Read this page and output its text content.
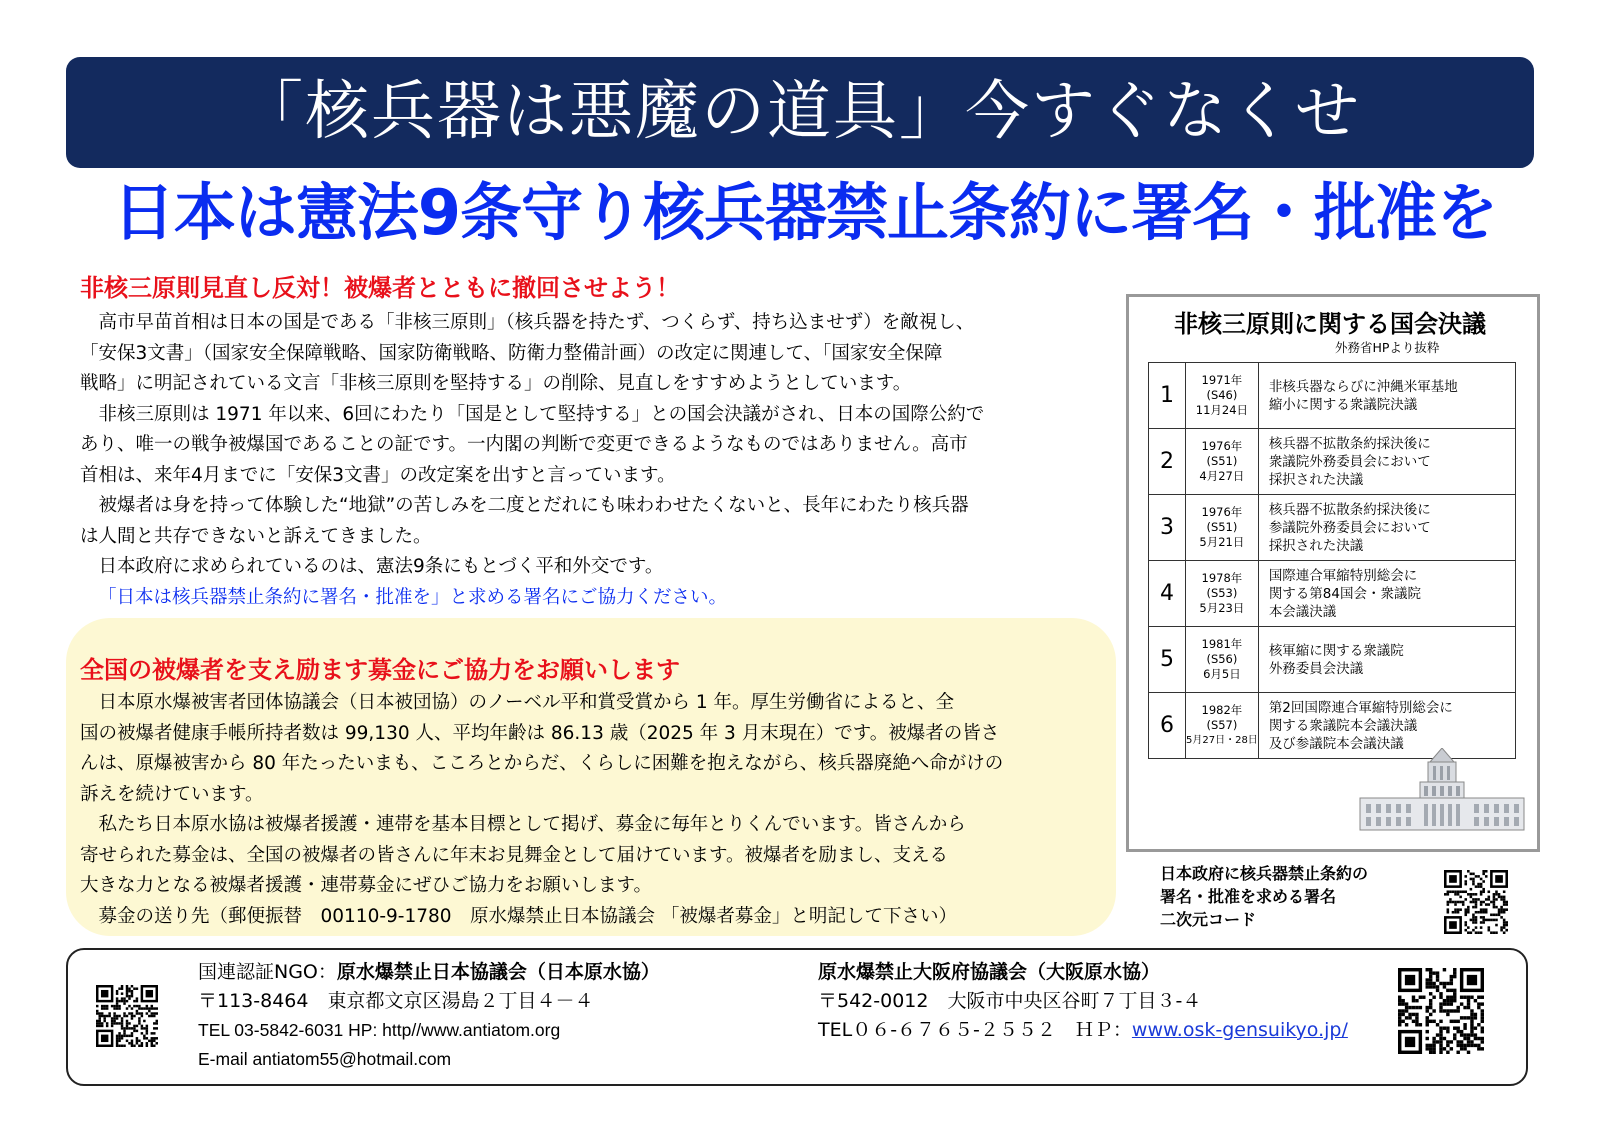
「核兵器は悪魔の道具」今すぐなくせ
日本は憲法9条守り核兵器禁止条約に署名・批准を
非核三原則見直し反対！被爆者とともに撤回させよう！

　高市早苗首相は日本の国是である「非核三原則」（核兵器を持たず、つくらず、持ち込ませず）を敵視し、

「安保3文書」（国家安全保障戦略、国家防衛戦略、防衛力整備計画）の改定に関連して、「国家安全保障

戦略」に明記されている文言「非核三原則を堅持する」の削除、見直しをすすめようとしています。

　非核三原則は 1971 年以来、6回にわたり「国是として堅持する」との国会決議がされ、日本の国際公約で

あり、唯一の戦争被爆国であることの証です。一内閣の判断で変更できるようなものではありません。高市

首相は、来年4月までに「安保3文書」の改定案を出すと言っています。

　被爆者は身を持って体験した“地獄”の苦しみを二度とだれにも味わわせたくないと、長年にわたり核兵器

は人間と共存できないと訴えてきました。

　日本政府に求められているのは、憲法9条にもとづく平和外交です。

「日本は核兵器禁止条約に署名・批准を」と求める署名にご協力ください。

全国の被爆者を支え励ます募金にご協力をお願いします

　日本原水爆被害者団体協議会（日本被団協）のノーベル平和賞受賞から 1 年。厚生労働省によると、全

国の被爆者健康手帳所持者数は 99,130 人、平均年齢は 86.13 歳（2025 年 3 月末現在）です。被爆者の皆さ

んは、原爆被害から 80 年たったいまも、こころとからだ、くらしに困難を抱えながら、核兵器廃絶へ命がけの

訴えを続けています。

　私たち日本原水協は被爆者援護・連帯を基本目標として掲げ、募金に毎年とりくんでいます。皆さんから

寄せられた募金は、全国の被爆者の皆さんに年末お見舞金として届けています。被爆者を励まし、支える

大きな力となる被爆者援護・連帯募金にぜひご協力をお願いします。

　募金の送り先（郵便振替　00110-9-1780　原水爆禁止日本協議会 「被爆者募金」と明記して下さい）

非核三原則に関する国会決議
外務省HPより抜粋
1	1971年
(S46)
11月24日	非核兵器ならびに沖縄米軍基地
縮小に関する衆議院決議

2	1976年
(S51)
4月27日	核兵器不拡散条約採決後に
衆議院外務委員会において
採択された決議

3	1976年
(S51)
5月21日	核兵器不拡散条約採決後に
参議院外務委員会において
採択された決議

4	1978年
(S53)
5月23日	国際連合軍縮特別総会に
関する第84国会・衆議院
本会議決議

5	1981年
(S56)
6月5日	核軍縮に関する衆議院
外務委員会決議

6	1982年
(S57)
5月27日・28日	第2回国際連合軍縮特別総会に
関する衆議院本会議決議
及び参議院本会議決議
日本政府に核兵器禁止条約の
署名・批准を求める署名
二次元コード
国連認証NGO：原水爆禁止日本協議会（日本原水協）
〒113-8464　東京都文京区湯島２丁目４－４
TEL 03-5842-6031 HP: http//www.antiatom.org
E-mail antiatom55@hotmail.com
原水爆禁止大阪府協議会（大阪原水協）
〒542-0012　大阪市中央区谷町７丁目３-４
TEL０６-６７６５-２５５２　ＨＰ：www.osk-gensuikyo.jp/
